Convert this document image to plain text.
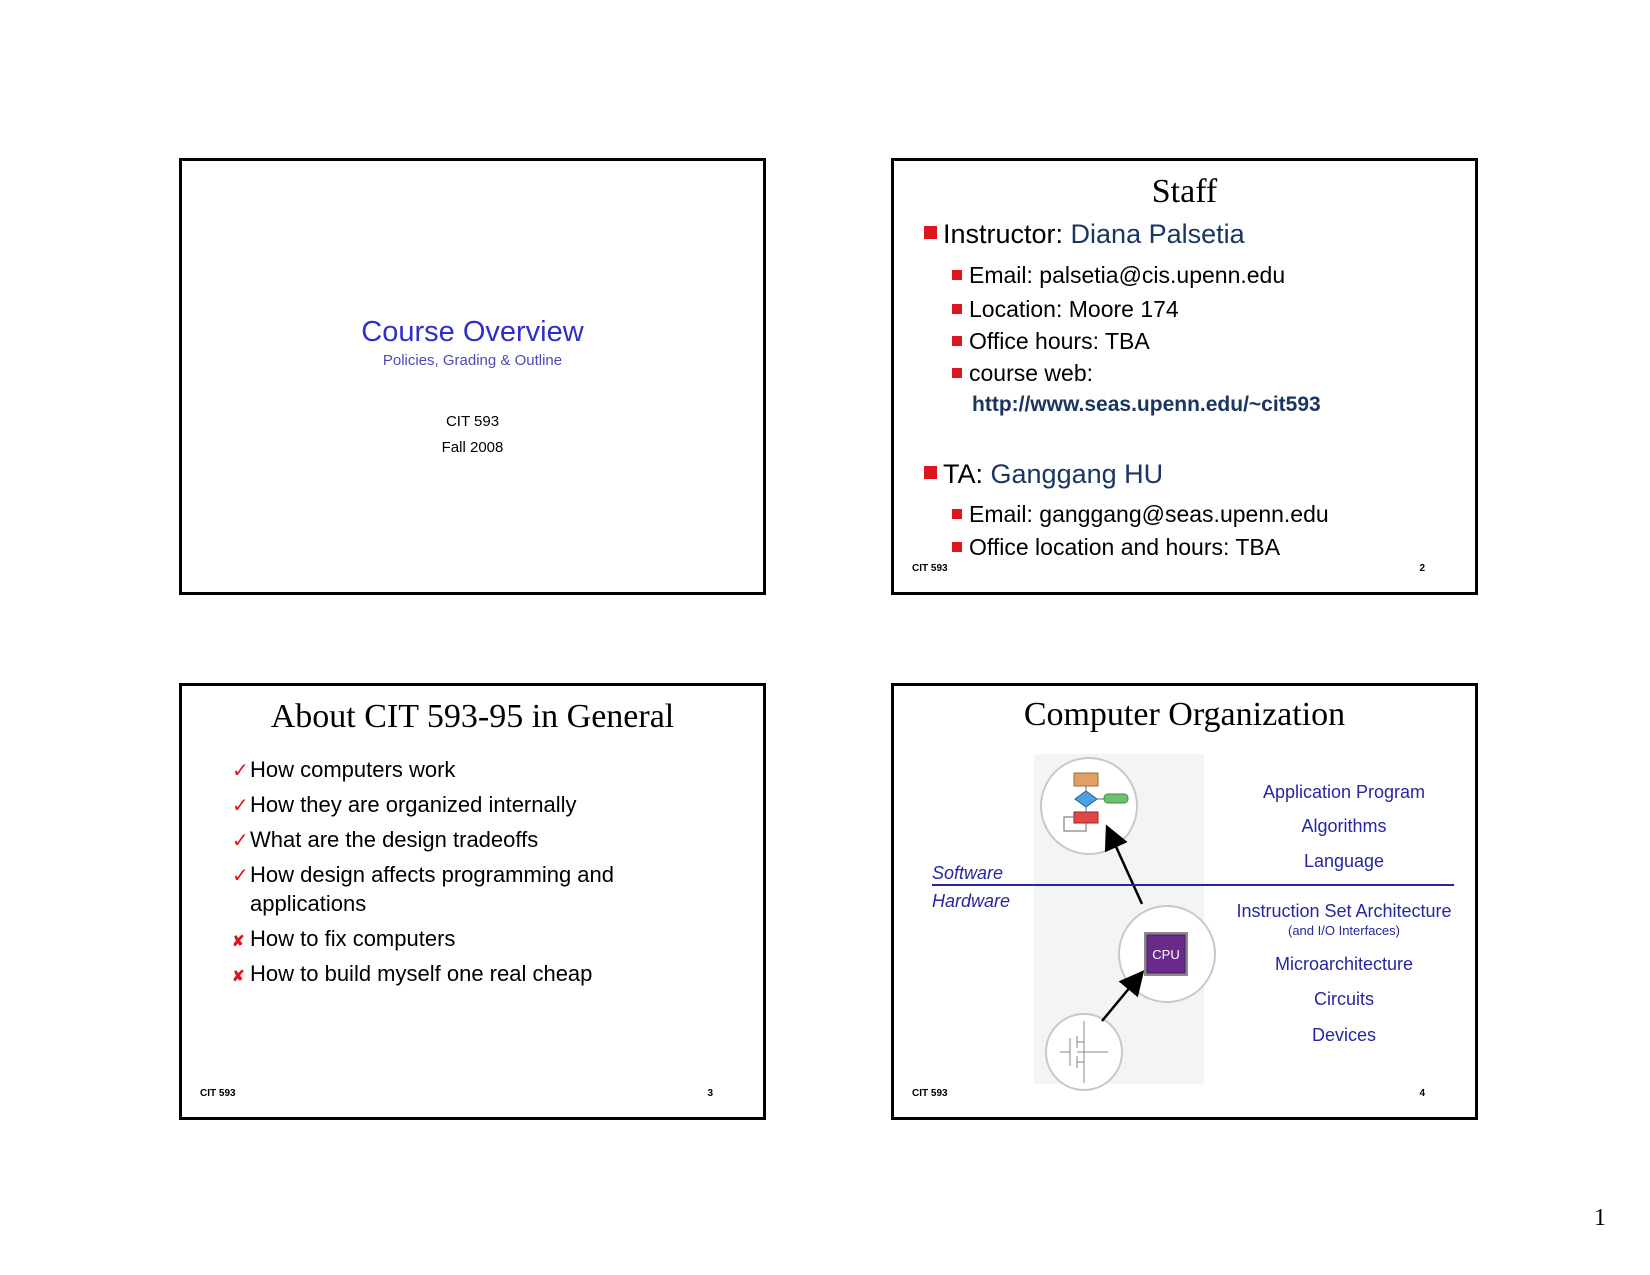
Course Overview
Policies, Grading & Outline
CIT 593
Fall 2008
Staff
Instructor: Diana Palsetia
Email: palsetia@cis.upenn.edu
Location: Moore 174
Office hours: TBA
course web:
http://www.seas.upenn.edu/~cit593
TA: Ganggang HU
Email: ganggang@seas.upenn.edu
Office location and hours: TBA
CIT 593	2
About CIT 593-95 in General
✓How computers work
✓How they are organized internally
✓What are the design tradeoffs
✓How design affects programming and
applications
✘ How to fix computers
✘ How to build myself one real cheap
CIT 593	3
Computer Organization
CPU
Software
Hardware
Application Program
Algorithms
Language
Instruction Set Architecture
(and I/O Interfaces)
Microarchitecture
Circuits
Devices
CIT 593	4
1
